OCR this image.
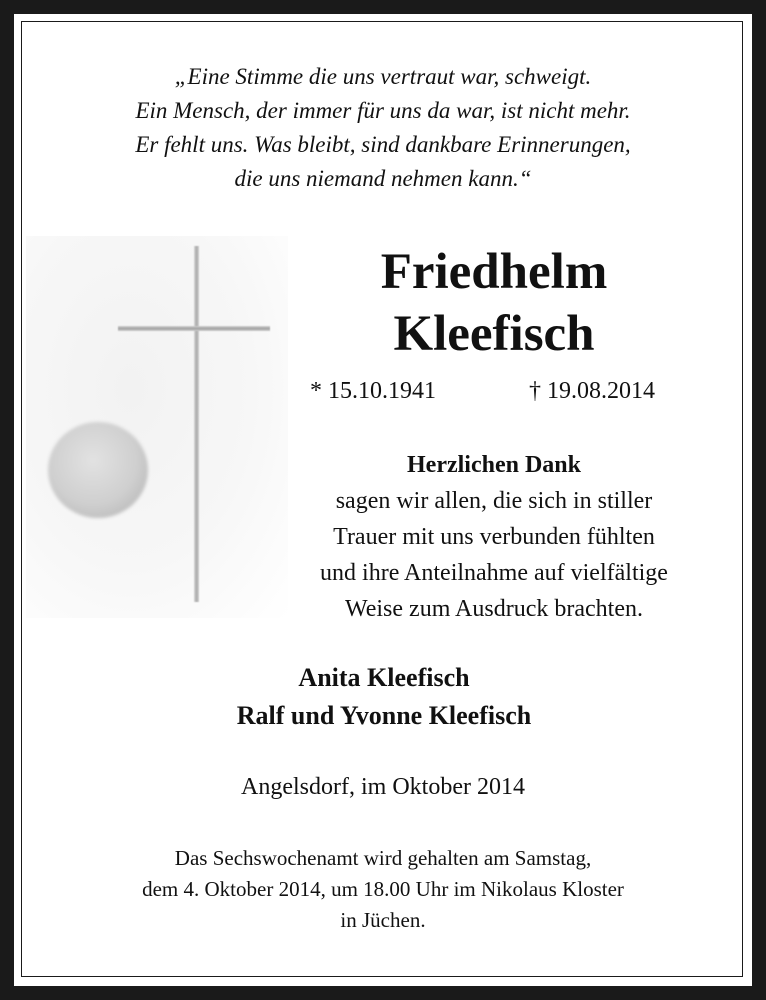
„Eine Stimme die uns vertraut war, schweigt.
Ein Mensch, der immer für uns da war, ist nicht mehr.
Er fehlt uns. Was bleibt, sind dankbare Erinnerungen,
die uns niemand nehmen kann.“
Friedhelm
Kleefisch
* 15.10.1941	† 19.08.2014
Herzlichen Dank
sagen wir allen, die sich in stiller
Trauer mit uns verbunden fühlten
und ihre Anteilnahme auf vielfältige
Weise zum Ausdruck brachten.
Anita Kleefisch
Ralf und Yvonne Kleefisch
Angelsdorf, im Oktober 2014
Das Sechswochenamt wird gehalten am Samstag,
dem 4. Oktober 2014, um 18.00 Uhr im Nikolaus Kloster
in Jüchen.
